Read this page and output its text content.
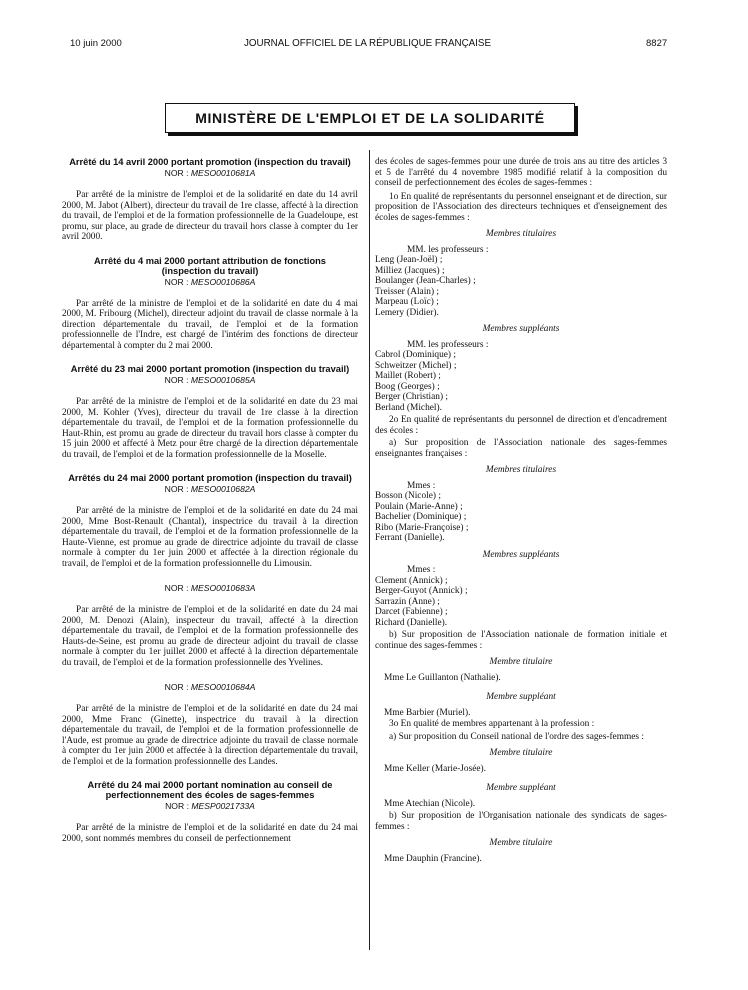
10 juin 2000	JOURNAL OFFICIEL DE LA RÉPUBLIQUE FRANÇAISE	8827
MINISTÈRE DE L'EMPLOI ET DE LA SOLIDARITÉ
Arrêté du 14 avril 2000 portant promotion (inspection du travail)
NOR : MESO0010681A

Par arrêté de la ministre de l'emploi et de la solidarité en date du 14 avril 2000, M. Jabot (Albert), directeur du travail de 1re classe, affecté à la direction du travail, de l'emploi et de la formation professionnelle de la Guadeloupe, est promu, sur place, au grade de directeur du travail hors classe à compter du 1er avril 2000.

Arrêté du 4 mai 2000 portant attribution de fonctions (inspection du travail)
NOR : MESO0010686A

Par arrêté de la ministre de l'emploi et de la solidarité en date du 4 mai 2000, M. Fribourg (Michel), directeur adjoint du travail de classe normale à la direction départementale du travail, de l'emploi et de la formation professionnelle de l'Indre, est chargé de l'intérim des fonctions de directeur départemental à compter du 2 mai 2000.

Arrêté du 23 mai 2000 portant promotion (inspection du travail)
NOR : MESO0010685A

Par arrêté de la ministre de l'emploi et de la solidarité en date du 23 mai 2000, M. Kohler (Yves), directeur du travail de 1re classe à la direction départementale du travail, de l'emploi et de la formation professionnelle du Haut-Rhin, est promu au grade de directeur du travail hors classe à compter du 15 juin 2000 et affecté à Metz pour être chargé de la direction départementale du travail, de l'emploi et de la formation professionnelle de la Moselle.

Arrêtés du 24 mai 2000 portant promotion (inspection du travail)
NOR : MESO0010682A

Par arrêté de la ministre de l'emploi et de la solidarité en date du 24 mai 2000, Mme Bost-Renault (Chantal), inspectrice du travail à la direction départementale du travail, de l'emploi et de la formation professionnelle de la Haute-Vienne, est promue au grade de directrice adjointe du travail de classe normale à compter du 1er juin 2000 et affectée à la direction régionale du travail, de l'emploi et de la formation professionnelle du Limousin.

NOR : MESO0010683A

Par arrêté de la ministre de l'emploi et de la solidarité en date du 24 mai 2000, M. Denozi (Alain), inspecteur du travail, affecté à la direction départementale du travail, de l'emploi et de la formation professionnelle des Hauts-de-Seine, est promu au grade de directeur adjoint du travail de classe normale à compter du 1er juillet 2000 et affecté à la direction départementale du travail, de l'emploi et de la formation professionnelle des Yvelines.

NOR : MESO0010684A

Par arrêté de la ministre de l'emploi et de la solidarité en date du 24 mai 2000, Mme Franc (Ginette), inspectrice du travail à la direction départementale du travail, de l'emploi et de la formation professionnelle de l'Aude, est promue au grade de directrice adjointe du travail de classe normale à compter du 1er juin 2000 et affectée à la direction départementale du travail, de l'emploi et de la formation professionnelle des Landes.

Arrêté du 24 mai 2000 portant nomination au conseil de perfectionnement des écoles de sages-femmes
NOR : MESP0021733A

Par arrêté de la ministre de l'emploi et de la solidarité en date du 24 mai 2000, sont nommés membres du conseil de perfectionnement

des écoles de sages-femmes pour une durée de trois ans au titre des articles 3 et 5 de l'arrêté du 4 novembre 1985 modifié relatif à la composition du conseil de perfectionnement des écoles de sages-femmes :

1o En qualité de représentants du personnel enseignant et de direction, sur proposition de l'Association des directeurs techniques et d'enseignement des écoles de sages-femmes :

Membres titulaires

MM. les professeurs :

Leng (Jean-Joël) ;

Milliez (Jacques) ;

Boulanger (Jean-Charles) ;

Treisser (Alain) ;

Marpeau (Loïc) ;

Lemery (Didier).

Membres suppléants

MM. les professeurs :

Cabrol (Dominique) ;

Schweitzer (Michel) ;

Maillet (Robert) ;

Boog (Georges) ;

Berger (Christian) ;

Berland (Michel).

2o En qualité de représentants du personnel de direction et d'encadrement des écoles :

a) Sur proposition de l'Association nationale des sages-femmes enseignantes françaises :

Membres titulaires

Mmes :

Bosson (Nicole) ;

Poulain (Marie-Anne) ;

Bachelier (Dominique) ;

Ribo (Marie-Françoise) ;

Ferrant (Danielle).

Membres suppléants

Mmes :

Clement (Annick) ;

Berger-Guyot (Annick) ;

Sarrazin (Anne) ;

Darcet (Fabienne) ;

Richard (Danielle).

b) Sur proposition de l'Association nationale de formation initiale et continue des sages-femmes :

Membre titulaire

Mme Le Guillanton (Nathalie).

Membre suppléant

Mme Barbier (Muriel).

3o En qualité de membres appartenant à la profession :

a) Sur proposition du Conseil national de l'ordre des sages-femmes :

Membre titulaire

Mme Keller (Marie-Josée).

Membre suppléant

Mme Atechian (Nicole).

b) Sur proposition de l'Organisation nationale des syndicats de sages-femmes :

Membre titulaire

Mme Dauphin (Francine).
